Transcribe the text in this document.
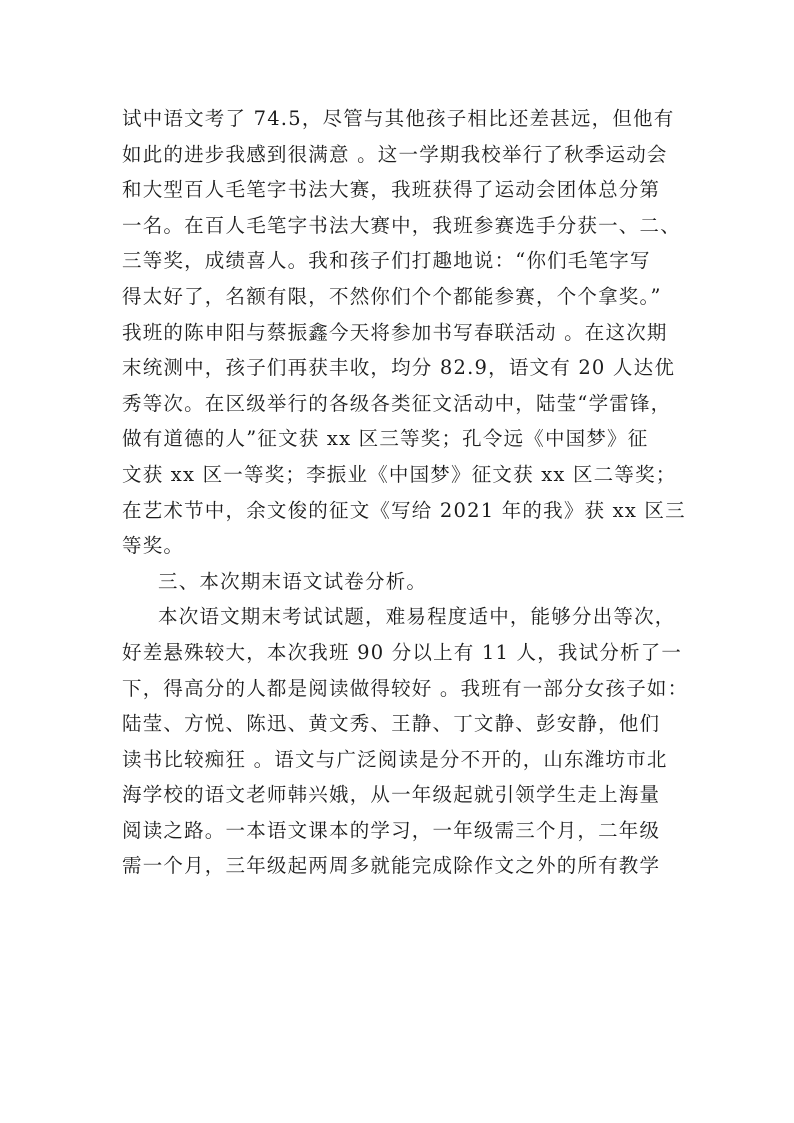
试中语文考了 74.5，尽管与其他孩子相比还差甚远，但他有
如此的进步我感到很满意 。这一学期我校举行了秋季运动会
和大型百人毛笔字书法大赛，我班获得了运动会团体总分第
一名。在百人毛笔字书法大赛中，我班参赛选手分获一、二、
三等奖，成绩喜人。我和孩子们打趣地说：“你们毛笔字写
得太好了，名额有限，不然你们个个都能参赛，个个拿奖。”
我班的陈申阳与蔡振鑫今天将参加书写春联活动 。在这次期
末统测中，孩子们再获丰收，均分 82.9，语文有 20 人达优
秀等次。在区级举行的各级各类征文活动中，陆莹“学雷锋，
做有道德的人”征文获 xx 区三等奖；孔令远《中国梦》征
文获 xx 区一等奖；李振业《中国梦》征文获 xx 区二等奖；
在艺术节中，余文俊的征文《写给 2021 年的我》获 xx 区三
等奖。
三、本次期末语文试卷分析。
本次语文期末考试试题，难易程度适中，能够分出等次，
好差悬殊较大，本次我班 90 分以上有 11 人，我试分析了一
下，得高分的人都是阅读做得较好 。我班有一部分女孩子如：
陆莹、方悦、陈迅、黄文秀、王静、丁文静、彭安静，他们
读书比较痴狂 。语文与广泛阅读是分不开的，山东潍坊市北
海学校的语文老师韩兴娥，从一年级起就引领学生走上海量
阅读之路。一本语文课本的学习，一年级需三个月，二年级
需一个月，三年级起两周多就能完成除作文之外的所有教学
